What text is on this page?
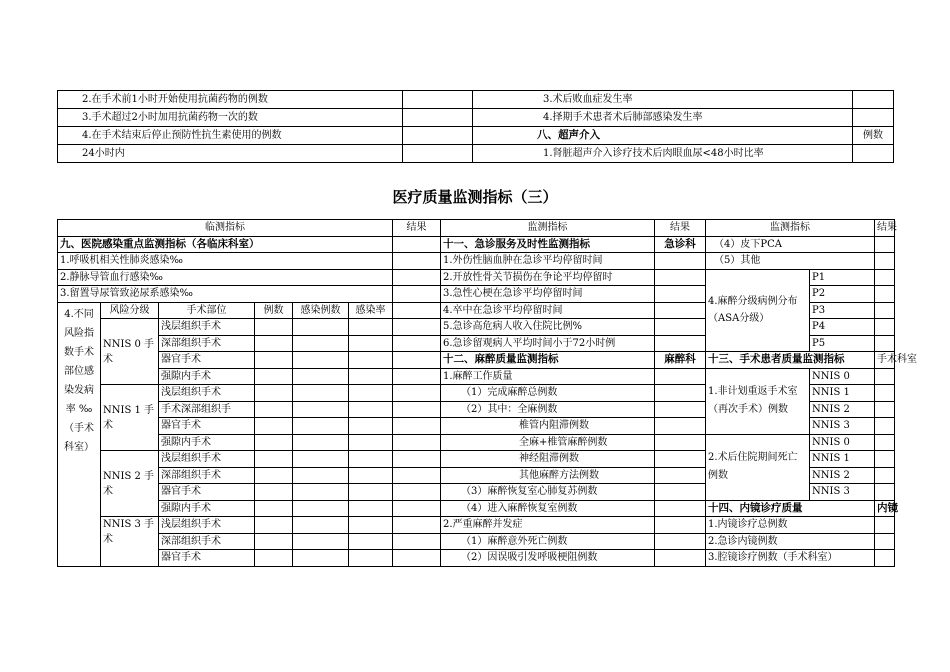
2.在手术前1小时开始使用抗菌药物的例数		3.术后败血症发生率	
3.手术超过2小时加用抗菌药物一次的数		4.择期手术患者术后肺部感染发生率	
4.在手术结束后停止预防性抗生素使用的例数		八、超声介入	例数
24小时内		1.肾脏超声介入诊疗技术后肉眼血尿<48小时比率	
医疗质量监测指标（三）
临测指标						结果	监测指标	结果	监测指标		结果
九、医院感染重点监测指标（各临床科室）							十一、急诊服务及时性监测指标	急诊科	（4）皮下PCA		
1.呼吸机相关性肺炎感染‰							1.外伤性脑血肿在急诊平均停留时间		（5）其他		
2.静脉导管血行感染‰							2.开放性骨关节损伤在争论平均停留时		4.麻醉分级病例分布（ASA分级）	P1	
3.留置导尿管致泌尿系感染‰							3.急性心梗在急诊平均停留时间			P2	
4.不同风险指数手术部位感染发病率 ‰（手术科室）	风险分级	手术部位	例数	感染例数	感染率		4.卒中在急诊平均停留时间			P3	
	NNIS 0 手术	浅层组织手术					5.急诊高危病人收入住院比例%			P4	
		深部组织手术					6.急诊留观病人平均时间小于72小时例			P5	
		器官手术					十二、麻醉质量监测指标	麻醉科	十三、手术患者质量监测指标		手术科室
		强隙内手术					1.麻醉工作质量		1.非计划重返手术室（再次手术）例数	NNIS 0	
	NNIS 1 手术	浅层组织手术					（1）完成麻醉总例数			NNIS 1	
		手术深部组织手					（2）其中：全麻例数			NNIS 2	
		器官手术					椎管内阻滞例数			NNIS 3	
		强隙内手术					全麻+椎管麻醉例数		2.术后住院期间死亡例数	NNIS 0	
	NNIS 2 手术	浅层组织手术					神经阻滞例数			NNIS 1	
		深部组织手术					其他麻醉方法例数			NNIS 2	
		器官手术					（3）麻醉恢复室心肺复苏例数			NNIS 3	
		强隙内手术					（4）进入麻醉恢复室例数		十四、内镜诊疗质量		内镜
	NNIS 3 手术	浅层组织手术					2.严重麻醉并发症		1.内镜诊疗总例数		
		深部组织手术					（1）麻醉意外死亡例数		2.急诊内镜例数		
		器官手术					（2）因误吸引发呼吸梗阻例数		3.腔镜诊疗例数（手术科室）		
